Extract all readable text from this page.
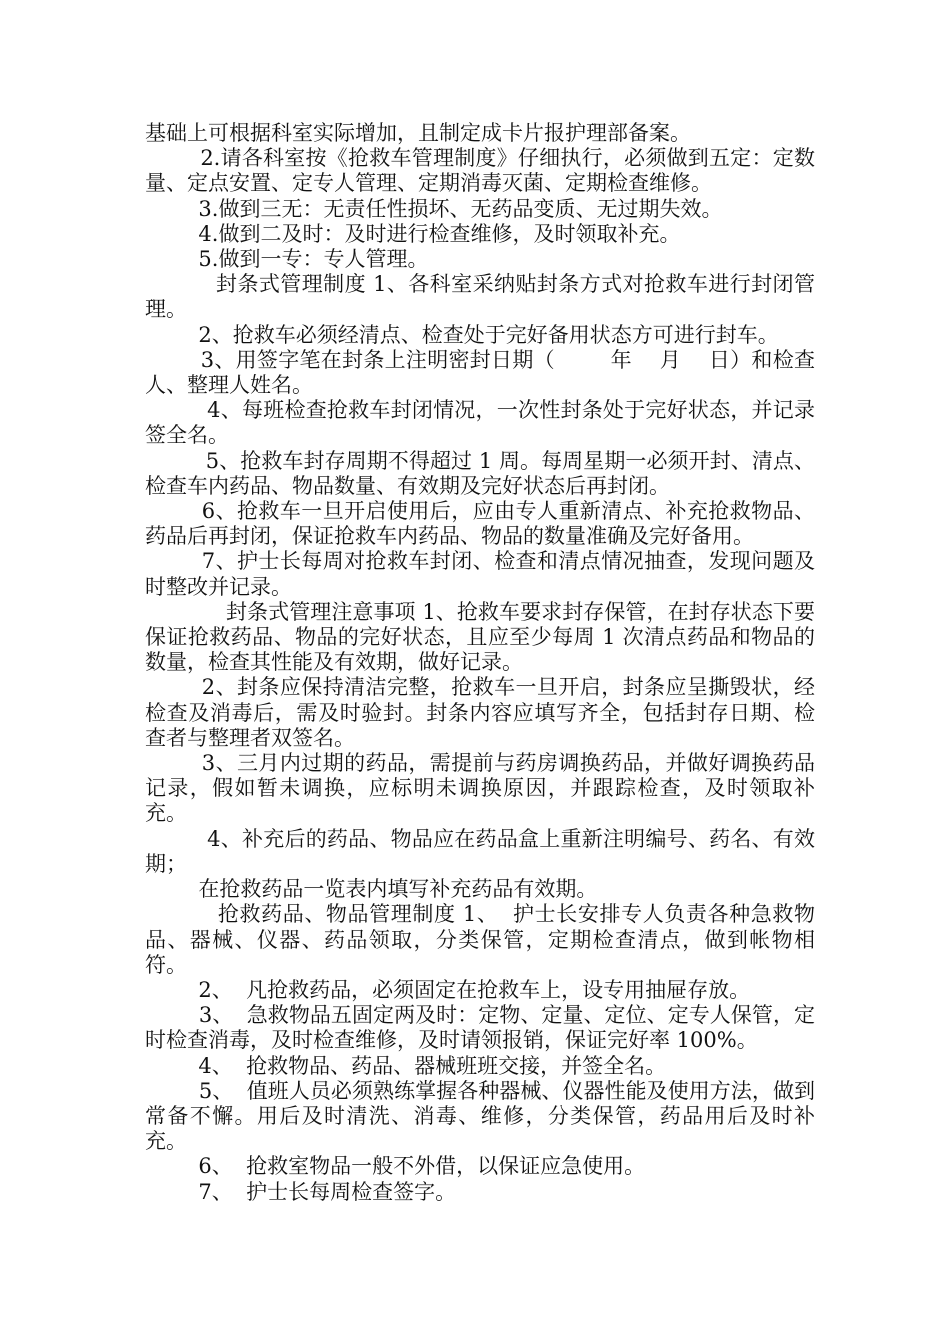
基础上可根据科室实际增加，且制定成卡片报护理部备案。

2.请各科室按《抢救车管理制度》仔细执行，必须做到五定：定数量、定点安置、定专人管理、定期消毒灭菌、定期检查维修。

3.做到三无：无责任性损坏、无药品变质、无过期失效。

4.做到二及时：及时进行检查维修，及时领取补充。

5.做到一专：专人管理。

封条式管理制度 1、各科室采纳贴封条方式对抢救车进行封闭管理。

2、抢救车必须经清点、检查处于完好备用状态方可进行封车。

3、用签字笔在封条上注明密封日期（        年    月    日）和检查人、整理人姓名。

4、每班检查抢救车封闭情况，一次性封条处于完好状态，并记录签全名。

5、抢救车封存周期不得超过 1 周。每周星期一必须开封、清点、检查车内药品、物品数量、有效期及完好状态后再封闭。

6、抢救车一旦开启使用后，应由专人重新清点、补充抢救物品、药品后再封闭，保证抢救车内药品、物品的数量准确及完好备用。

7、护士长每周对抢救车封闭、检查和清点情况抽查，发现问题及时整改并记录。

封条式管理注意事项 1、抢救车要求封存保管，在封存状态下要保证抢救药品、物品的完好状态，且应至少每周 1 次清点药品和物品的数量，检查其性能及有效期，做好记录。

2、封条应保持清洁完整，抢救车一旦开启，封条应呈撕毁状，经检查及消毒后，需及时验封。封条内容应填写齐全，包括封存日期、检查者与整理者双签名。

3、三月内过期的药品，需提前与药房调换药品，并做好调换药品记录，假如暂未调换，应标明未调换原因，并跟踪检查，及时领取补充。

4、补充后的药品、物品应在药品盒上重新注明编号、药名、有效期；

在抢救药品一览表内填写补充药品有效期。

抢救药品、物品管理制度 1、  护士长安排专人负责各种急救物品、器械、仪器、药品领取，分类保管，定期检查清点，做到帐物相符。

2、  凡抢救药品，必须固定在抢救车上，设专用抽屉存放。

3、  急救物品五固定两及时：定物、定量、定位、定专人保管，定时检查消毒，及时检查维修，及时请领报销，保证完好率 100%。

4、  抢救物品、药品、器械班班交接，并签全名。

5、  值班人员必须熟练掌握各种器械、仪器性能及使用方法，做到常备不懈。用后及时清洗、消毒、维修，分类保管，药品用后及时补充。

6、  抢救室物品一般不外借，以保证应急使用。

7、  护士长每周检查签字。
